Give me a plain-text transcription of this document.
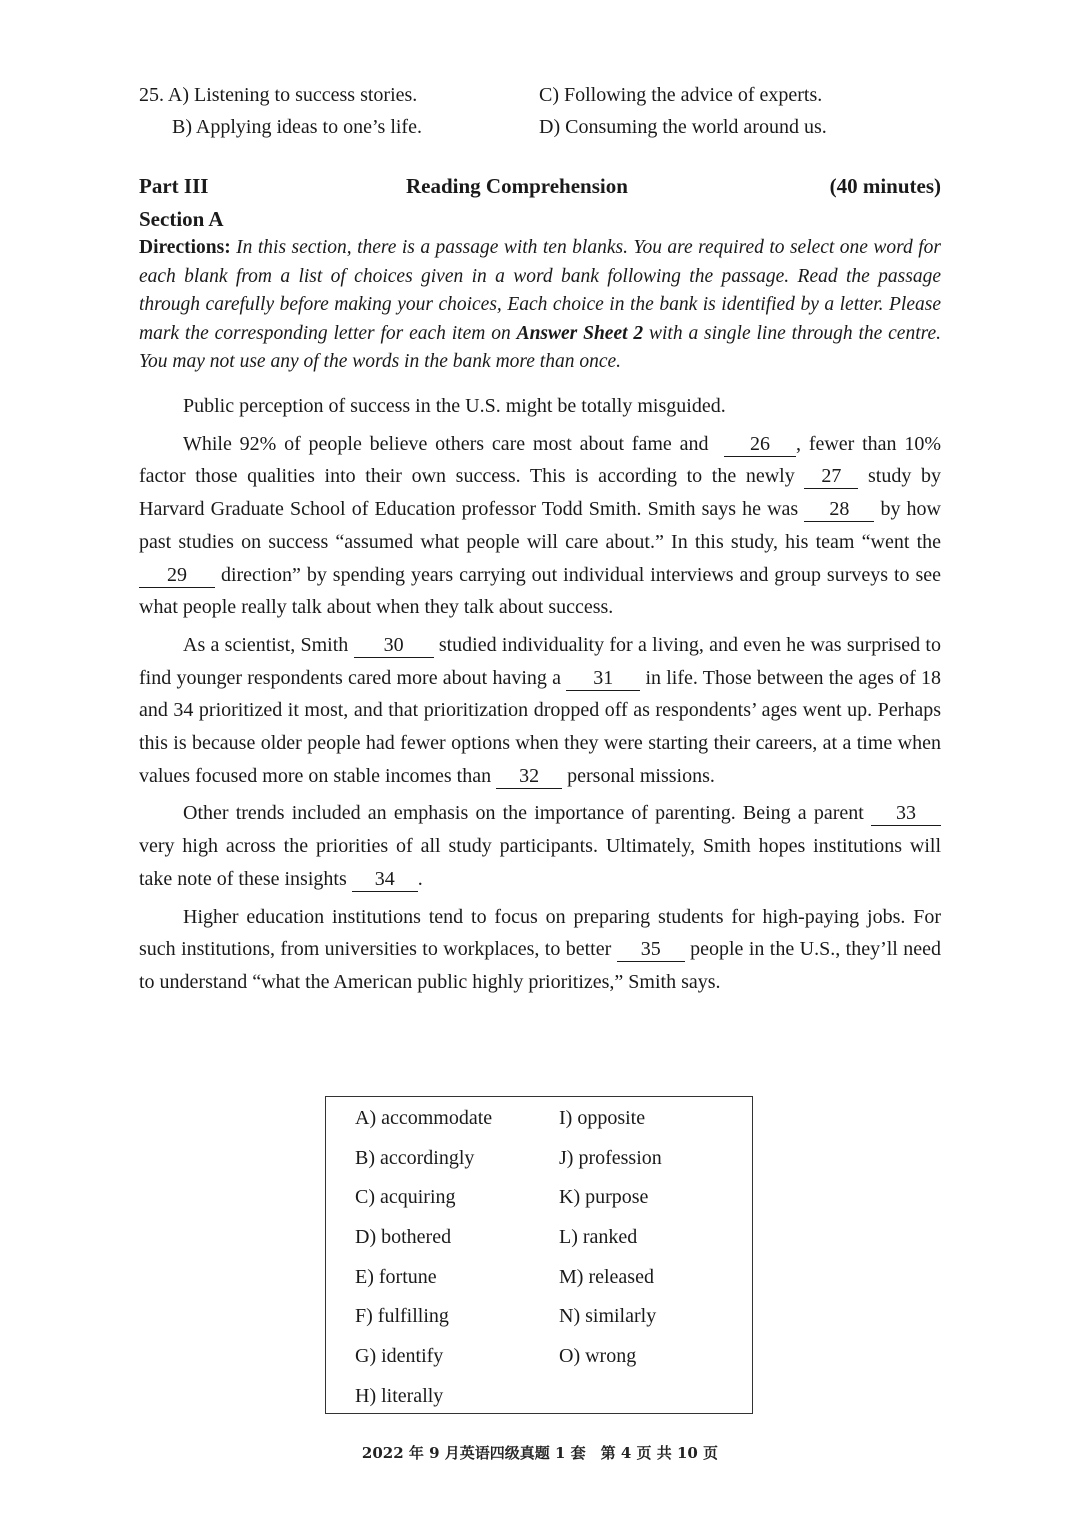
25. A) Listening to success stories.
B) Applying ideas to one’s life.
C) Following the advice of experts.
D) Consuming the world around us.
Part III	Reading Comprehension	(40 minutes)
Section A
Directions: In this section, there is a passage with ten blanks. You are required to select one word for each blank from a list of choices given in a word bank following the passage. Read the passage through carefully before making your choices, Each choice in the bank is identified by a letter. Please mark the corresponding letter for each item on Answer Sheet 2 with a single line through the centre. You may not use any of the words in the bank more than once.

Public perception of success in the U.S. might be totally misguided.

While 92% of people believe others care most about fame and 26 , fewer than 10% factor those qualities into their own success. This is according to the newly 27 study by Harvard Graduate School of Education professor Todd Smith. Smith says he was 28 by how past studies on success “assumed what people will care about.” In this study, his team “went the 29 direction” by spending years carrying out individual interviews and group surveys to see what people really talk about when they talk about success.

As a scientist, Smith 30 studied individuality for a living, and even he was surprised to find younger respondents cared more about having a 31 in life. Those between the ages of 18 and 34 prioritized it most, and that prioritization dropped off as respondents’ ages went up. Perhaps this is because older people had fewer options when they were starting their careers, at a time when values focused more on stable incomes than 32 personal missions.

Other trends included an emphasis on the importance of parenting. Being a parent 33 very high across the priorities of all study participants. Ultimately, Smith hopes institutions will take note of these insights 34 .

Higher education institutions tend to focus on preparing students for high-paying jobs. For such institutions, from universities to workplaces, to better 35 people in the U.S., they’ll need to understand “what the American public highly prioritizes,” Smith says.

A) accommodate
B) accordingly
C) acquiring
D) bothered
E) fortune
F) fulfilling
G) identify
H) literally
I) opposite
J) profession
K) purpose
L) ranked
M) released
N) similarly
O) wrong
2022 年 9 月英语四级真题 1 套　第 4 页 共 10 页
